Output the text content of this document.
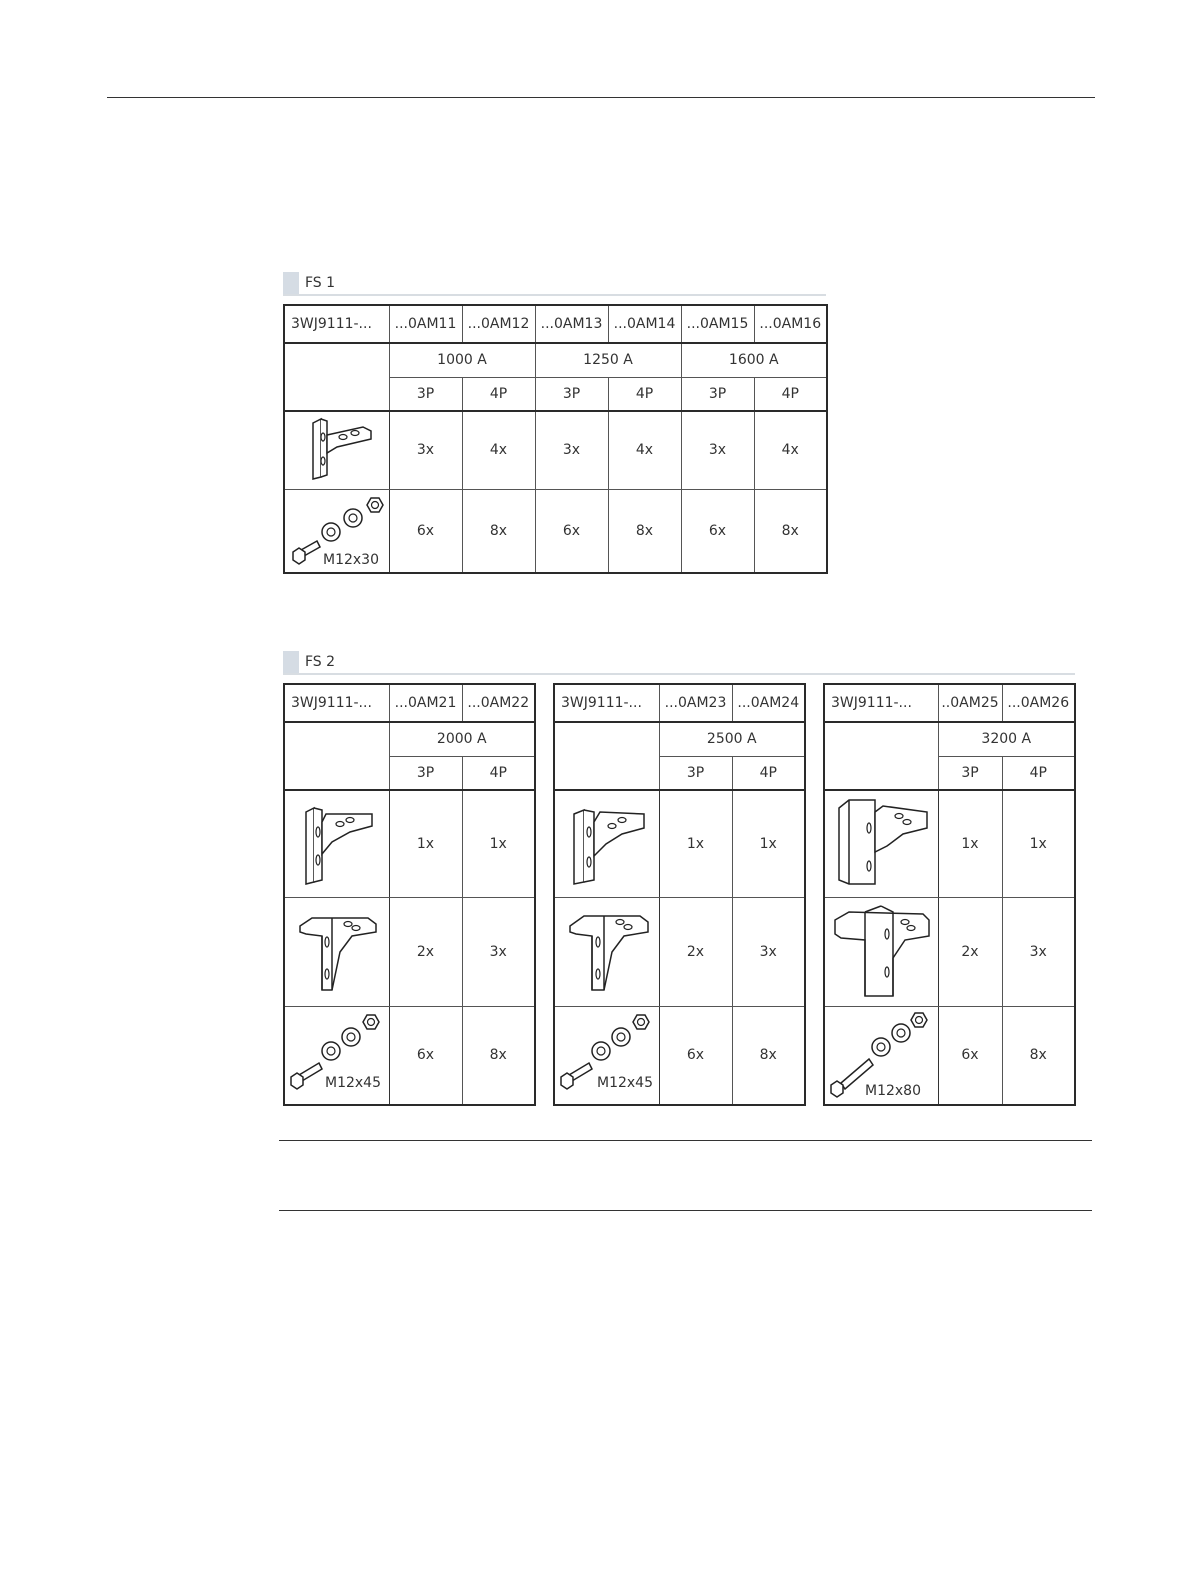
FS 1
3WJ9111-...	...0AM11	...0AM12	...0AM13	...0AM14	...0AM15	...0AM16
	1000 A		1250 A		1600 A	
	3P	4P	3P	4P	3P	4P
	3x	4x	3x	4x	3x	4x

M12x30	6x	8x	6x	8x	6x	8x
FS 2
3WJ9111-...	...0AM21	...0AM22
	2000 A	
	3P	4P
	1x	1x
	2x	3x

M12x45	6x	8x
3WJ9111-...	...0AM23	...0AM24
	2500 A	
	3P	4P
	1x	1x
	2x	3x

M12x45	6x	8x
3WJ9111-...	..0AM25	...0AM26
	3200 A	
	3P	4P
	1x	1x
	2x	3x

M12x80	6x	8x
